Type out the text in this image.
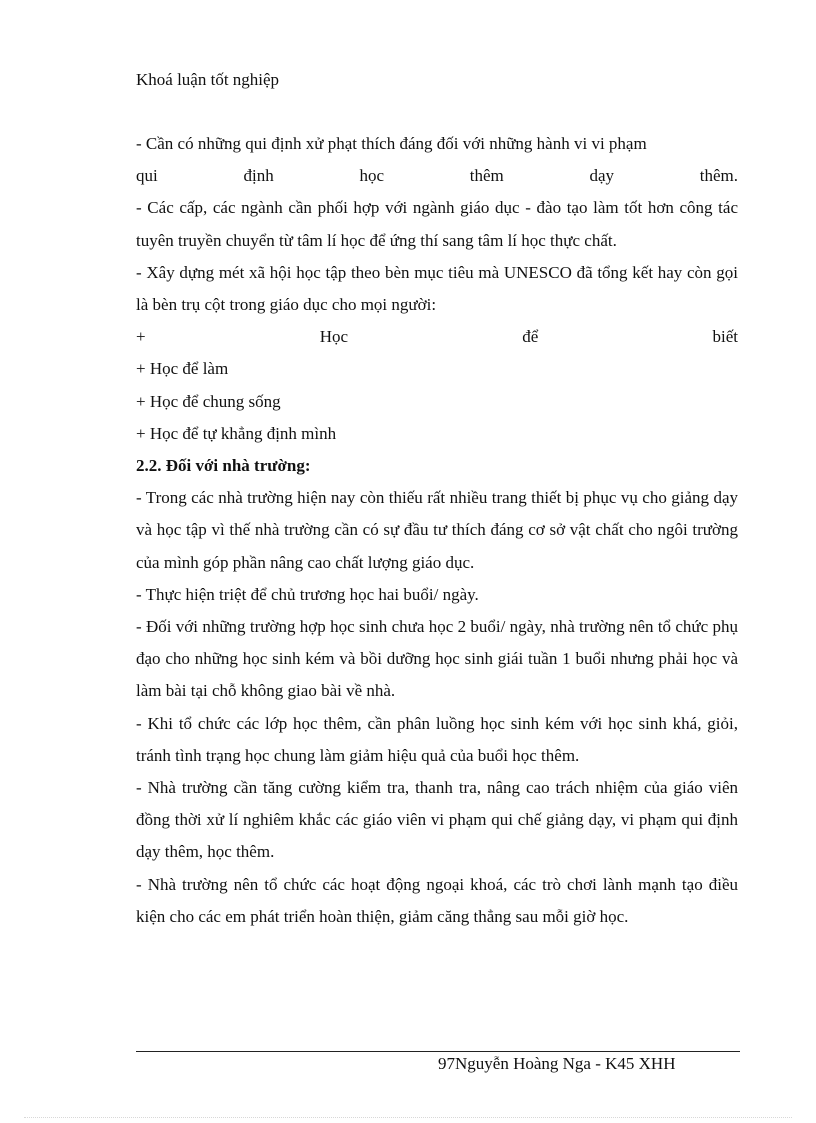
Khoá luận tốt nghiệp

- Cần có những qui định xử phạt thích đáng đối với những hành vi vi phạm

qui	định	học	thêm	dạy	thêm.

- Các cấp, các ngành cần phối hợp với ngành giáo dục - đào tạo làm tốt hơn công tác tuyên truyền chuyển từ tâm lí học để ứng thí sang tâm lí học thực chất.

- Xây dựng mét xã hội học tập theo bèn mục tiêu mà UNESCO đã tổng kết hay còn gọi là bèn trụ cột trong giáo dục cho mọi người:

+	Học	để	biết

+ Học để làm

+ Học để chung sống

+ Học để tự khẳng định mình

2.2. Đối với nhà trường:

- Trong các nhà trường hiện nay còn thiếu rất nhiều trang thiết bị phục vụ cho giảng dạy và học tập vì thế nhà trường cần có sự đầu tư thích đáng cơ sở vật chất cho ngôi trường của mình góp phần nâng cao chất lượng giáo dục.

- Thực hiện triệt để chủ trương học hai buổi/ ngày.

- Đối với những trường hợp học sinh chưa học 2 buổi/ ngày, nhà trường nên tổ chức phụ đạo cho những học sinh kém và bồi dưỡng học sinh giái tuần 1 buổi nhưng phải học và làm bài tại chỗ không giao bài về nhà.

- Khi tổ chức các lớp học thêm, cần phân luồng học sinh kém với học sinh khá, giỏi, tránh tình trạng học chung làm giảm hiệu quả của buổi học thêm.

- Nhà trường cần tăng cường kiểm tra, thanh tra, nâng cao trách nhiệm của giáo viên đồng thời xử lí nghiêm khắc các giáo viên vi phạm qui chế giảng dạy, vi phạm qui định dạy thêm, học thêm.

- Nhà trường nên tổ chức các hoạt động ngoại khoá, các trò chơi lành mạnh tạo điều kiện cho các em phát triển hoàn thiện, giảm căng thẳng sau mỗi giờ học.

97Nguyễn Hoàng Nga - K45 XHH
